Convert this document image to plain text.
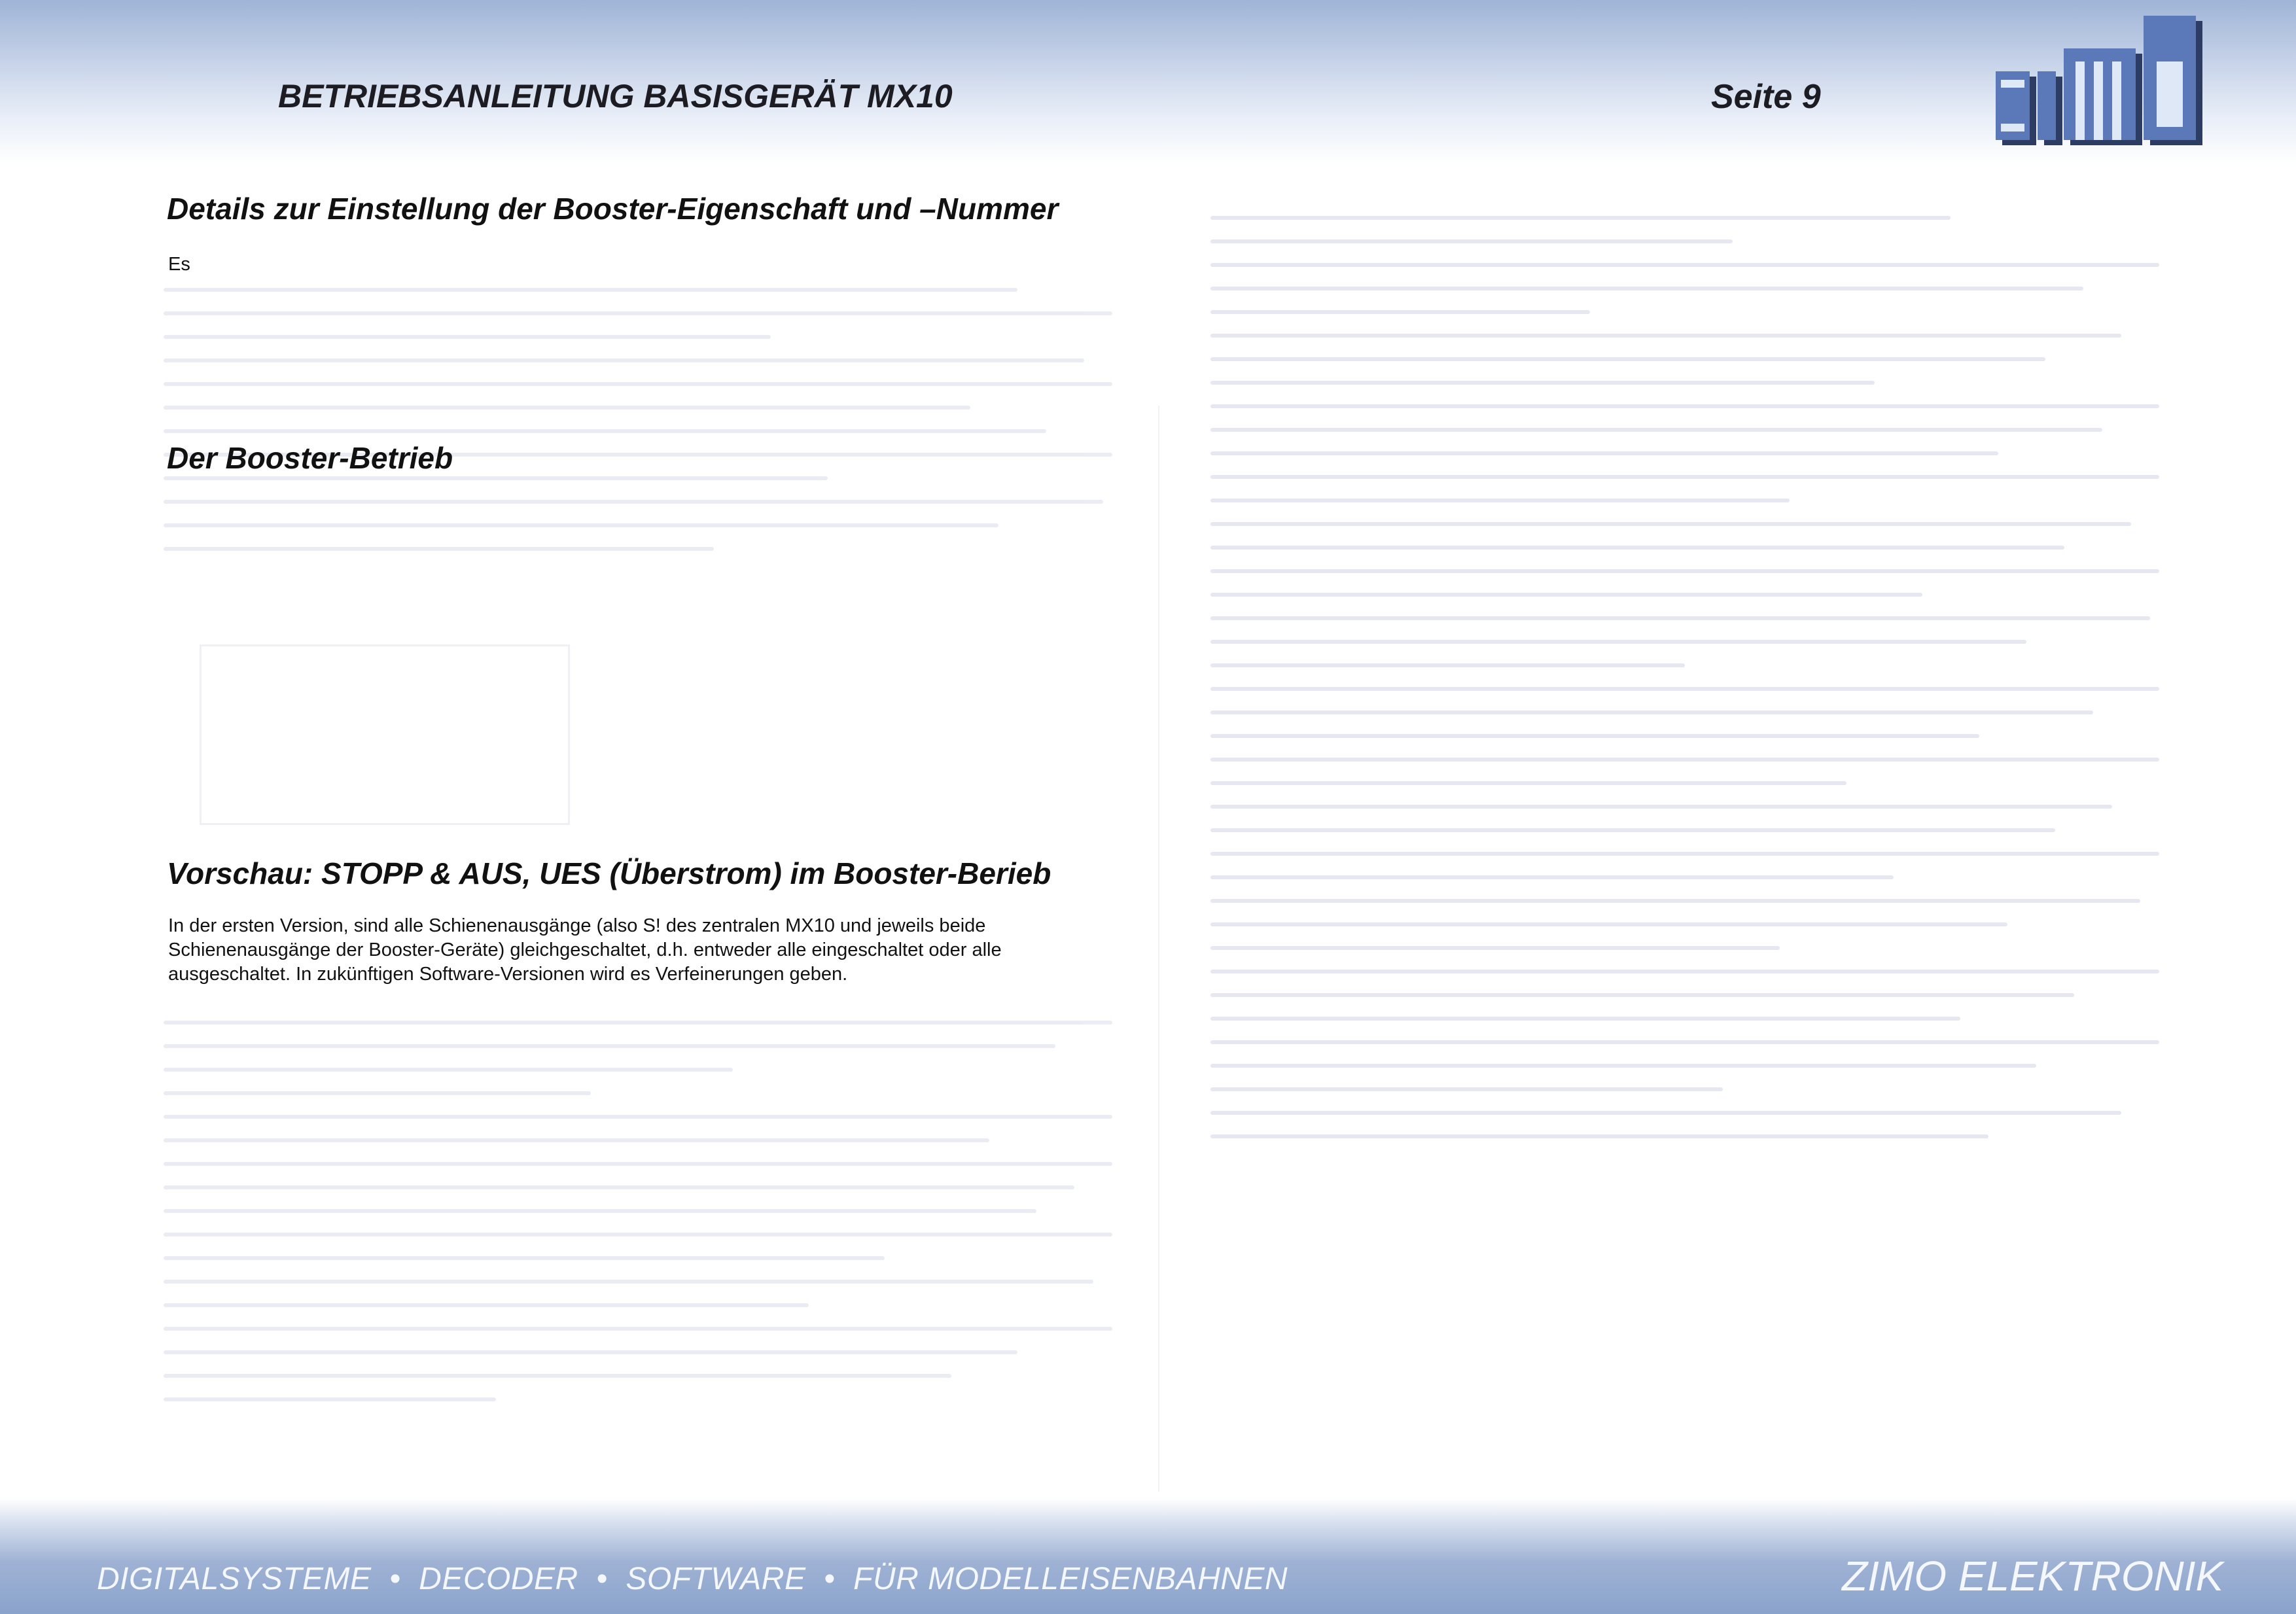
BETRIEBSANLEITUNG BASISGERÄT MX10	Seite 9
Details zur Einstellung der Booster-Eigenschaft und –Nummer
Es
Der Booster-Betrieb
Vorschau: STOPP & AUS, UES (Überstrom) im Booster-Berieb
In der ersten Version, sind alle Schienenausgänge (also S! des zentralen MX10 und jeweils beide
Schienenausgänge der Booster-Geräte) gleichgeschaltet, d.h. entweder alle eingeschaltet oder alle
ausgeschaltet. In zukünftigen Software-Versionen wird es Verfeinerungen geben.
DIGITALSYSTEME  •  DECODER  •  SOFTWARE  •  FÜR MODELLEISENBAHNEN	ZIMO ELEKTRONIK
